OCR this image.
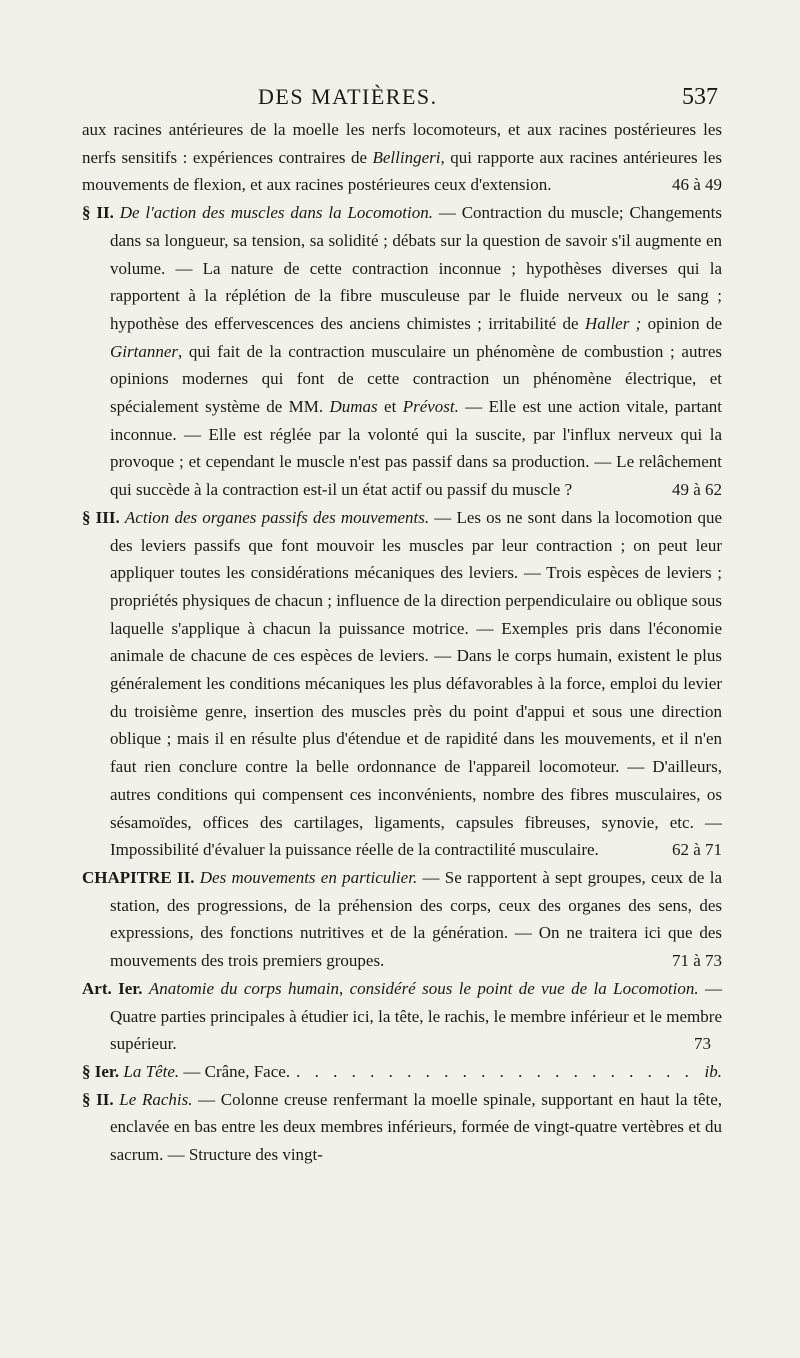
DES MATIÈRES.	537

aux racines antérieures de la moelle les nerfs locomoteurs, et aux racines postérieures les nerfs sensitifs : expériences contraires de Bellingeri, qui rapporte aux racines antérieures les mouvements de flexion, et aux racines postérieures ceux d'extension.	46 à 49

§ II. De l'action des muscles dans la Locomotion. — Contraction du muscle; Changements dans sa longueur, sa tension, sa solidité ; débats sur la question de savoir s'il augmente en volume. — La nature de cette contraction inconnue ; hypothèses diverses qui la rapportent à la réplétion de la fibre musculeuse par le fluide nerveux ou le sang ; hypothèse des effervescences des anciens chimistes ; irritabilité de Haller ; opinion de Girtanner, qui fait de la contraction musculaire un phénomène de combustion ; autres opinions modernes qui font de cette contraction un phénomène électrique, et spécialement système de MM. Dumas et Prévost. — Elle est une action vitale, partant inconnue. — Elle est réglée par la volonté qui la suscite, par l'influx nerveux qui la provoque ; et cependant le muscle n'est pas passif dans sa production. — Le relâchement qui succède à la contraction est-il un état actif ou passif du muscle ?	49 à 62

§ III. Action des organes passifs des mouvements. — Les os ne sont dans la locomotion que des leviers passifs que font mouvoir les muscles par leur contraction ; on peut leur appliquer toutes les considérations mécaniques des leviers. — Trois espèces de leviers ; propriétés physiques de chacun ; influence de la direction perpendiculaire ou oblique sous laquelle s'applique à chacun la puissance motrice. — Exemples pris dans l'économie animale de chacune de ces espèces de leviers. — Dans le corps humain, existent le plus généralement les conditions mécaniques les plus défavorables à la force, emploi du levier du troisième genre, insertion des muscles près du point d'appui et sous une direction oblique ; mais il en résulte plus d'étendue et de rapidité dans les mouvements, et il n'en faut rien conclure contre la belle ordonnance de l'appareil locomoteur. — D'ailleurs, autres conditions qui compensent ces inconvénients, nombre des fibres musculaires, os sésamoïdes, offices des cartilages, ligaments, capsules fibreuses, synovie, etc. — Impossibilité d'évaluer la puissance réelle de la contractilité musculaire.	62 à 71

CHAPITRE II. Des mouvements en particulier. — Se rapportent à sept groupes, ceux de la station, des progressions, de la préhension des corps, ceux des organes des sens, des expressions, des fonctions nutritives et de la génération. — On ne traitera ici que des mouvements des trois premiers groupes.	71 à 73

Art. Ier. Anatomie du corps humain, considéré sous le point de vue de la Locomotion. — Quatre parties principales à étudier ici, la tête, le rachis, le membre inférieur et le membre supérieur.	73

§ Ier. La Tête. — Crâne, Face.
. . .	ib.

§ II. Le Rachis. — Colonne creuse renfermant la moelle spinale, supportant en haut la tête, enclavée en bas entre les deux membres inférieurs, formée de vingt-quatre vertèbres et du sacrum. — Structure des vingt-
